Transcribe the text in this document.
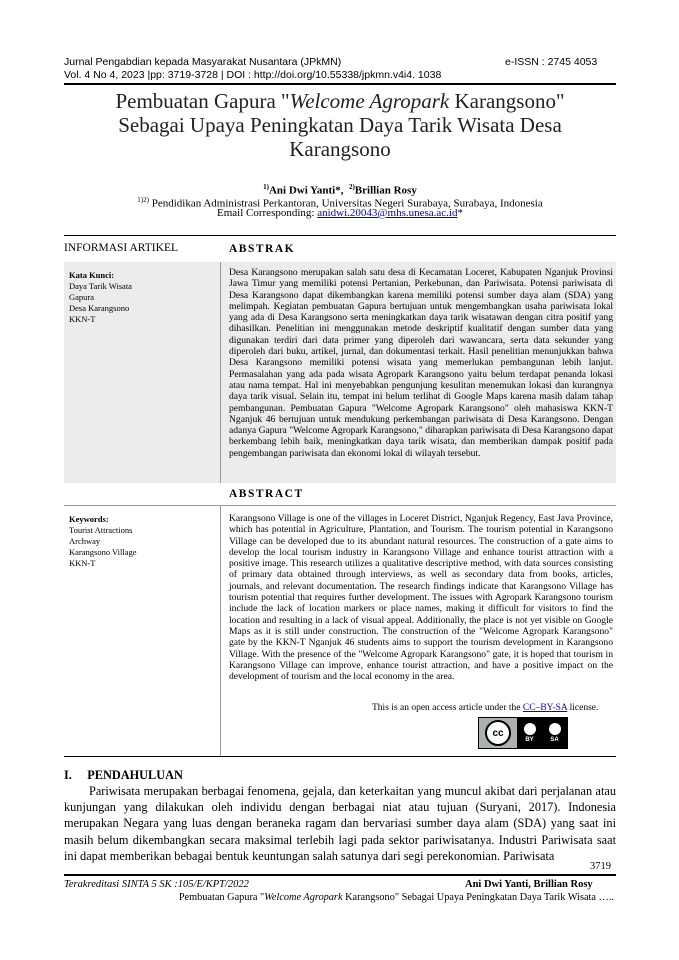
Jurnal Pengabdian kepada Masyarakat Nusantara (JPkMN)	e-ISSN : 2745 4053
Vol. 4 No 4, 2023 |pp: 3719-3728 | DOI : http://doi.org/10.55338/jpkmn.v4i4. 1038
Pembuatan Gapura "Welcome Agropark Karangsono"
Sebagai Upaya Peningkatan Daya Tarik Wisata Desa
Karangsono
$^{1)}$Ani Dwi Yanti*, $^{2)}$Brillian Rosy
$^{1)2)}$ Pendidikan Administrasi Perkantoran, Universitas Negeri Surabaya, Surabaya, Indonesia
Email Corresponding: anidwi.20043@mhs.unesa.ac.id*
INFORMASI ARTIKEL	ABSTRAK
Kata Kunci:
Daya Tarik Wisata
Gapura
Desa Karangsono
KKN-T
Desa Karangsono merupakan salah satu desa di Kecamatan Loceret, Kabupaten Nganjuk Provinsi Jawa Timur yang memiliki potensi Pertanian, Perkebunan, dan Pariwisata. Potensi pariwisata di Desa Karangsono dapat dikembangkan karena memiliki potensi sumber daya alam (SDA) yang melimpah. Kegiatan pembuatan Gapura bertujuan untuk mengembangkan usaha pariwisata lokal yang ada di Desa Karangsono serta meningkatkan daya tarik wisatawan dengan citra positif yang dihasilkan. Penelitian ini menggunakan metode deskriptif kualitatif dengan sumber data yang digunakan terdiri dari data primer yang diperoleh dari wawancara, serta data sekunder yang diperoleh dari buku, artikel, jurnal, dan dokumentasi terkait. Hasil penelitian menunjukkan bahwa Desa Karangsono memiliki potensi wisata yang memerlukan pembangunan lebih lanjut. Permasalahan yang ada pada wisata Agropark Karangsono yaitu belum terdapat penanda lokasi atau nama tempat. Hal ini menyebabkan pengunjung kesulitan menemukan lokasi dan kurangnya daya tarik visual. Selain itu, tempat ini belum terlihat di Google Maps karena masih dalam tahap pembangunan. Pembuatan Gapura "Welcome Agropark Karangsono" oleh mahasiswa KKN-T Nganjuk 46 bertujuan untuk mendukung perkembangan pariwisata di Desa Karangsono. Dengan adanya Gapura "Welcome Agropark Karangsono," diharapkan pariwisata di Desa Karangsono dapat berkembang lebih baik, meningkatkan daya tarik wisata, dan memberikan dampak positif pada pengembangan pariwisata dan ekonomi lokal di wilayah tersebut.
ABSTRACT
Keywords:
Tourist Attractions
Archway
Karangsono Village
KKN-T
Karangsono Village is one of the villages in Loceret District, Nganjuk Regency, East Java Province, which has potential in Agriculture, Plantation, and Tourism. The tourism potential in Karangsono Village can be developed due to its abundant natural resources. The construction of a gate aims to develop the local tourism industry in Karangsono Village and enhance tourist attraction with a positive image. This research utilizes a qualitative descriptive method, with data sources consisting of primary data obtained through interviews, as well as secondary data from books, articles, journals, and relevant documentation. The research findings indicate that Karangsono Village has tourism potential that requires further development. The issues with Agropark Karangsono tourism include the lack of location markers or place names, making it difficult for visitors to find the location and resulting in a lack of visual appeal. Additionally, the place is not yet visible on Google Maps as it is still under construction. The construction of the "Welcome Agropark Karangsono" gate by the KKN-T Nganjuk 46 students aims to support the tourism development in Karangsono Village. With the presence of the "Welcome Agropark Karangsono" gate, it is hoped that tourism in Karangsono Village can improve, enhance tourist attraction, and have a positive impact on the development of tourism and the local economy in the area.
This is an open access article under the CC–BY-SA license.
cc
BY	SA
I. PENDAHULUAN
Pariwisata merupakan berbagai fenomena, gejala, dan keterkaitan yang muncul akibat dari perjalanan atau kunjungan yang dilakukan oleh individu dengan berbagai niat atau tujuan (Suryani, 2017). Indonesia merupakan Negara yang luas dengan beraneka ragam dan bervariasi sumber daya alam (SDA) yang saat ini masih belum dikembangkan secara maksimal terlebih lagi pada sektor pariwisatanya. Industri Pariwisata saat ini dapat memberikan bebagai bentuk keuntungan salah satunya dari segi perekonomian. Pariwisata
3719
Terakreditasi SINTA 5 SK :105/E/KPT/2022	Ani Dwi Yanti, Brillian Rosy
Pembuatan Gapura "Welcome Agropark Karangsono" Sebagai Upaya Peningkatan Daya Tarik Wisata …..
